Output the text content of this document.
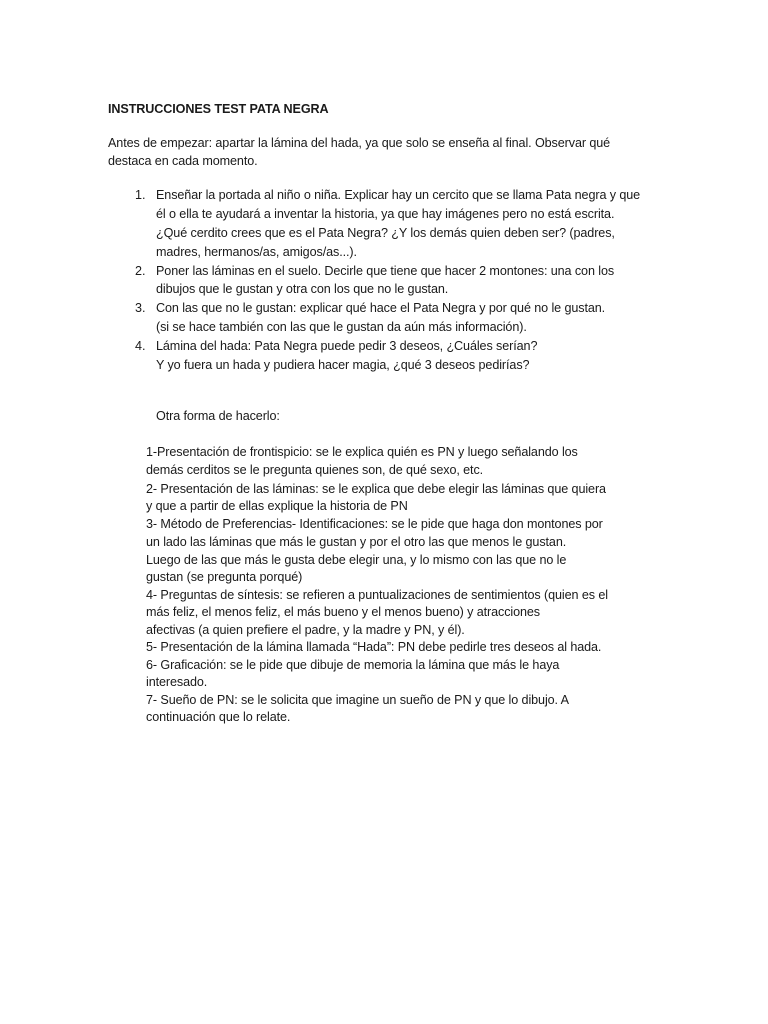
INSTRUCCIONES TEST PATA NEGRA
Antes de empezar: apartar la lámina del hada, ya que solo se enseña al final. Observar qué
destaca en cada momento.
1. Enseñar la portada al niño o niña. Explicar hay un cercito que se llama Pata negra y que
él o ella te ayudará a inventar la historia, ya que hay imágenes pero no está escrita.
¿Qué cerdito crees que es el Pata Negra? ¿Y los demás quien deben ser? (padres,
madres, hermanos/as, amigos/as...).
2. Poner las láminas en el suelo. Decirle que tiene que hacer 2 montones: una con los
dibujos que le gustan y otra con los que no le gustan.
3. Con las que no le gustan: explicar qué hace el Pata Negra y por qué no le gustan.
(si se hace también con las que le gustan da aún más información).
4. Lámina del hada: Pata Negra puede pedir 3 deseos, ¿Cuáles serían?
Y yo fuera un hada y pudiera hacer magia, ¿qué 3 deseos pedirías?
Otra forma de hacerlo:
1-Presentación de frontispicio: se le explica quién es PN y luego señalando los
demás cerditos se le pregunta quienes son, de qué sexo, etc.
2- Presentación de las láminas: se le explica que debe elegir las láminas que quiera
y que a partir de ellas explique la historia de PN
3- Método de Preferencias- Identificaciones: se le pide que haga don montones por
un lado las láminas que más le gustan y por el otro las que menos le gustan.
Luego de las que más le gusta debe elegir una, y lo mismo con las que no le
gustan (se pregunta porqué)
4- Preguntas de síntesis: se refieren a puntualizaciones de sentimientos (quien es el
más feliz, el menos feliz, el más bueno y el menos bueno) y atracciones
afectivas (a quien prefiere el padre, y la madre y PN, y él).
5- Presentación de la lámina llamada “Hada”: PN debe pedirle tres deseos al hada.
6- Graficación: se le pide que dibuje de memoria la lámina que más le haya
interesado.
7- Sueño de PN: se le solicita que imagine un sueño de PN y que lo dibujo. A
continuación que lo relate.
